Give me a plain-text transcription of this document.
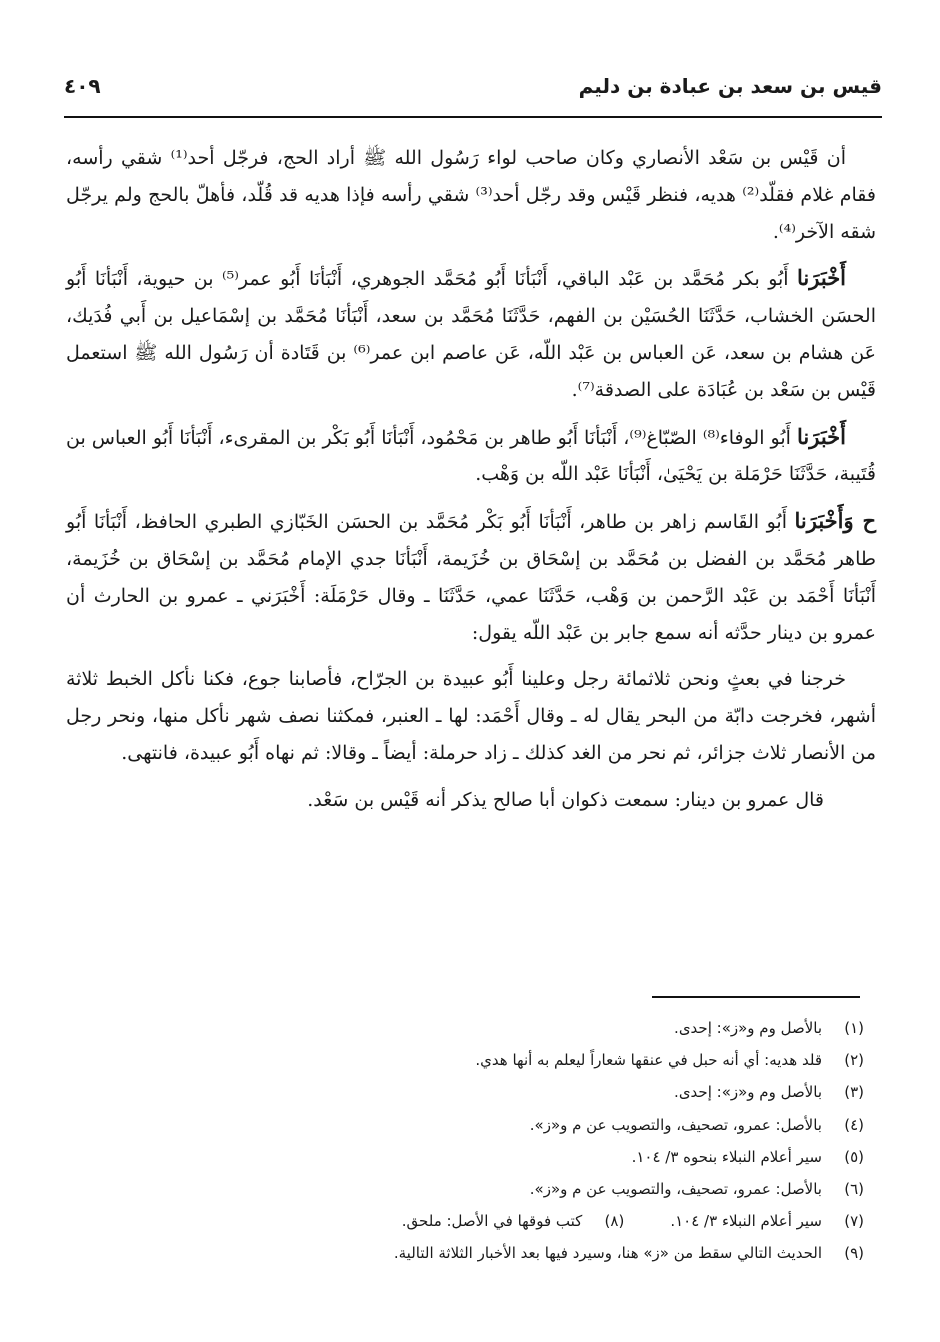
قيس بن سعد بن عبادة بن دليم
٤٠٩

أن قَيْس بن سَعْد الأنصاري وكان صاحب لواء رَسُول الله ﷺ أراد الحج، فرجّل أحد⁽¹⁾ شقي رأسه، فقام غلام فقلّد⁽²⁾ هديه، فنظر قَيْس وقد رجّل أحد⁽³⁾ شقي رأسه فإذا هديه قد قُلّد، فأهلّ بالحج ولم يرجّل شقه الآخر⁽⁴⁾.

أَخْبَرَنا أَبُو بكر مُحَمَّد بن عَبْد الباقي، أَنْبَأنَا أَبُو مُحَمَّد الجوهري، أَنْبَأنَا أَبُو عمر⁽⁵⁾ بن حيوية، أَنْبَأنَا أَبُو الحسَن الخشاب، حَدَّثَنَا الحُسَيْن بن الفهم، حَدَّثَنَا مُحَمَّد بن سعد، أَنْبَأنَا مُحَمَّد بن إسْمَاعيل بن أَبي فُدَيك، عَن هشام بن سعد، عَن العباس بن عَبْد اللّه، عَن عاصم ابن عمر⁽⁶⁾ بن قَتَادة أن رَسُول الله ﷺ استعمل قَيْس بن سَعْد بن عُبَادَة على الصدقة⁽⁷⁾.

أَخْبَرَنا أَبُو الوفاء⁽⁸⁾ الصّبّاغ⁽⁹⁾، أَنْبَأنَا أَبُو طاهر بن مَحْمُود، أَنْبَأنَا أَبُو بَكْر بن المقرىء، أَنْبَأنَا أَبُو العباس بن قُتَيبة، حَدَّثَنَا حَرْمَلة بن يَحْيَىٰ، أَنْبَأنَا عَبْد اللّه بن وَهْب.

ح وَأَخْبَرَنا أَبُو القَاسم زاهر بن طاهر، أَنْبَأنَا أَبُو بَكْر مُحَمَّد بن الحسَن الخَبّازي الطبري الحافظ، أَنْبَأنَا أَبُو طاهر مُحَمَّد بن الفضل بن مُحَمَّد بن إسْحَاق بن خُزَيمة، أَنْبَأنَا جدي الإمام مُحَمَّد بن إسْحَاق بن خُزَيمة، أَنْبَأنَا أَحْمَد بن عَبْد الرَّحمن بن وَهْب، حَدَّثَنَا عمي، حَدَّثَنَا ـ وقال حَرْمَلَة: أَخْبَرَني ـ عمرو بن الحارث أن عمرو بن دينار حدَّثه أنه سمع جابر بن عَبْد اللّه يقول:

خرجنا في بعثٍ ونحن ثلاثمائة رجل وعلينا أَبُو عبيدة بن الجرّاح، فأصابنا جوع، فكنا نأكل الخبط ثلاثة أشهر، فخرجت دابّة من البحر يقال له ـ وقال أَحْمَد: لها ـ العنبر، فمكثنا نصف شهر نأكل منها، ونحر رجل من الأنصار ثلاث جزائر، ثم نحر من الغد كذلك ـ زاد حرملة: أيضاً ـ وقالا: ثم نهاه أَبُو عبيدة، فانتهى.

قال عمرو بن دينار: سمعت ذكوان أبا صالح يذكر أنه قَيْس بن سَعْد.

(١)
بالأصل وم و«ز»: إحدى.
(٢)
قلد هديه: أي أنه حبل في عنقها شعاراً ليعلم به أنها هدي.
(٣)
بالأصل وم و«ز»: إحدى.
(٤)
بالأصل: عمرو، تصحيف، والتصويب عن م و«ز».
(٥)
سير أعلام النبلاء بنحوه ٣/ ١٠٤.
(٦)
بالأصل: عمرو، تصحيف، والتصويب عن م و«ز».
(٧)
سير أعلام النبلاء ٣/ ١٠٤.
(٨)
كتب فوقها في الأصل: ملحق.
(٩)
الحديث التالي سقط من «ز» هنا، وسيرد فيها بعد الأخبار الثلاثة التالية.
